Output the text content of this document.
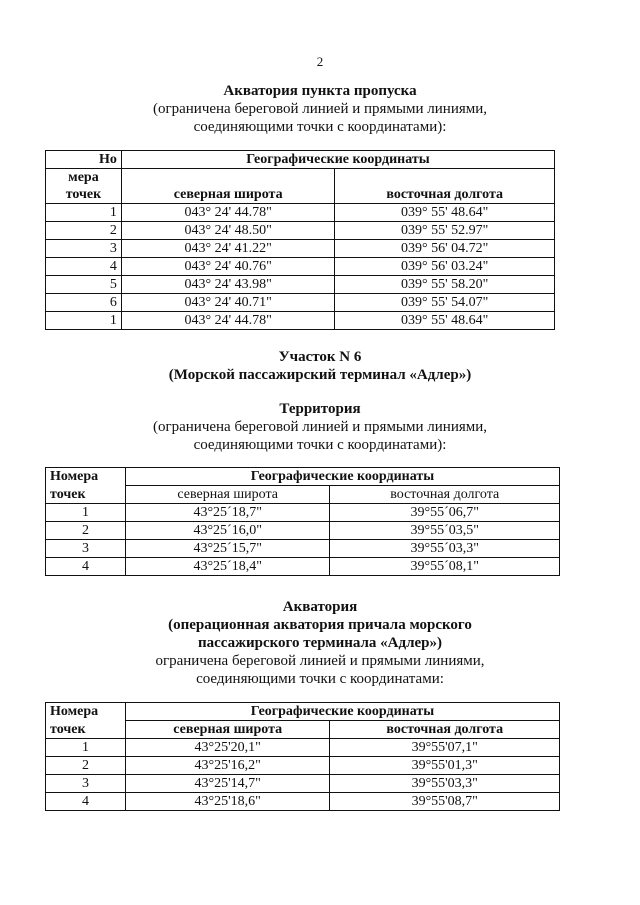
2
Акватория пункта пропуска
(ограничена береговой линией и прямыми линиями,
соединяющими точки с координатами):
Но	Географические координаты	

мера
точек	северная широта	восточная долгота
1	043° 24' 44.78"	039° 55' 48.64"
2	043° 24' 48.50"	039° 55' 52.97"
3	043° 24' 41.22"	039° 56' 04.72"
4	043° 24' 40.76"	039° 56' 03.24"
5	043° 24' 43.98"	039° 55' 58.20"
6	043° 24' 40.71"	039° 55' 54.07"
1	043° 24' 44.78"	039° 55' 48.64"
Участок N 6
(Морской пассажирский терминал «Адлер»)
Территория
(ограничена береговой линией и прямыми линиями,
соединяющими точки с координатами):
Номера	Географические координаты	
точек	северная широта	восточная долгота
1	43°25´18,7"	39°55´06,7"
2	43°25´16,0"	39°55´03,5"
3	43°25´15,7"	39°55´03,3"
4	43°25´18,4"	39°55´08,1"
Акватория
(операционная акватория причала морского
пассажирского терминала «Адлер»)
ограничена береговой линией и прямыми линиями,
соединяющими точки с координатами:
Номера	Географические координаты	
точек	северная широта	восточная долгота
1	43°25'20,1"	39°55'07,1"
2	43°25'16,2"	39°55'01,3"
3	43°25'14,7"	39°55'03,3"
4	43°25'18,6"	39°55'08,7"
